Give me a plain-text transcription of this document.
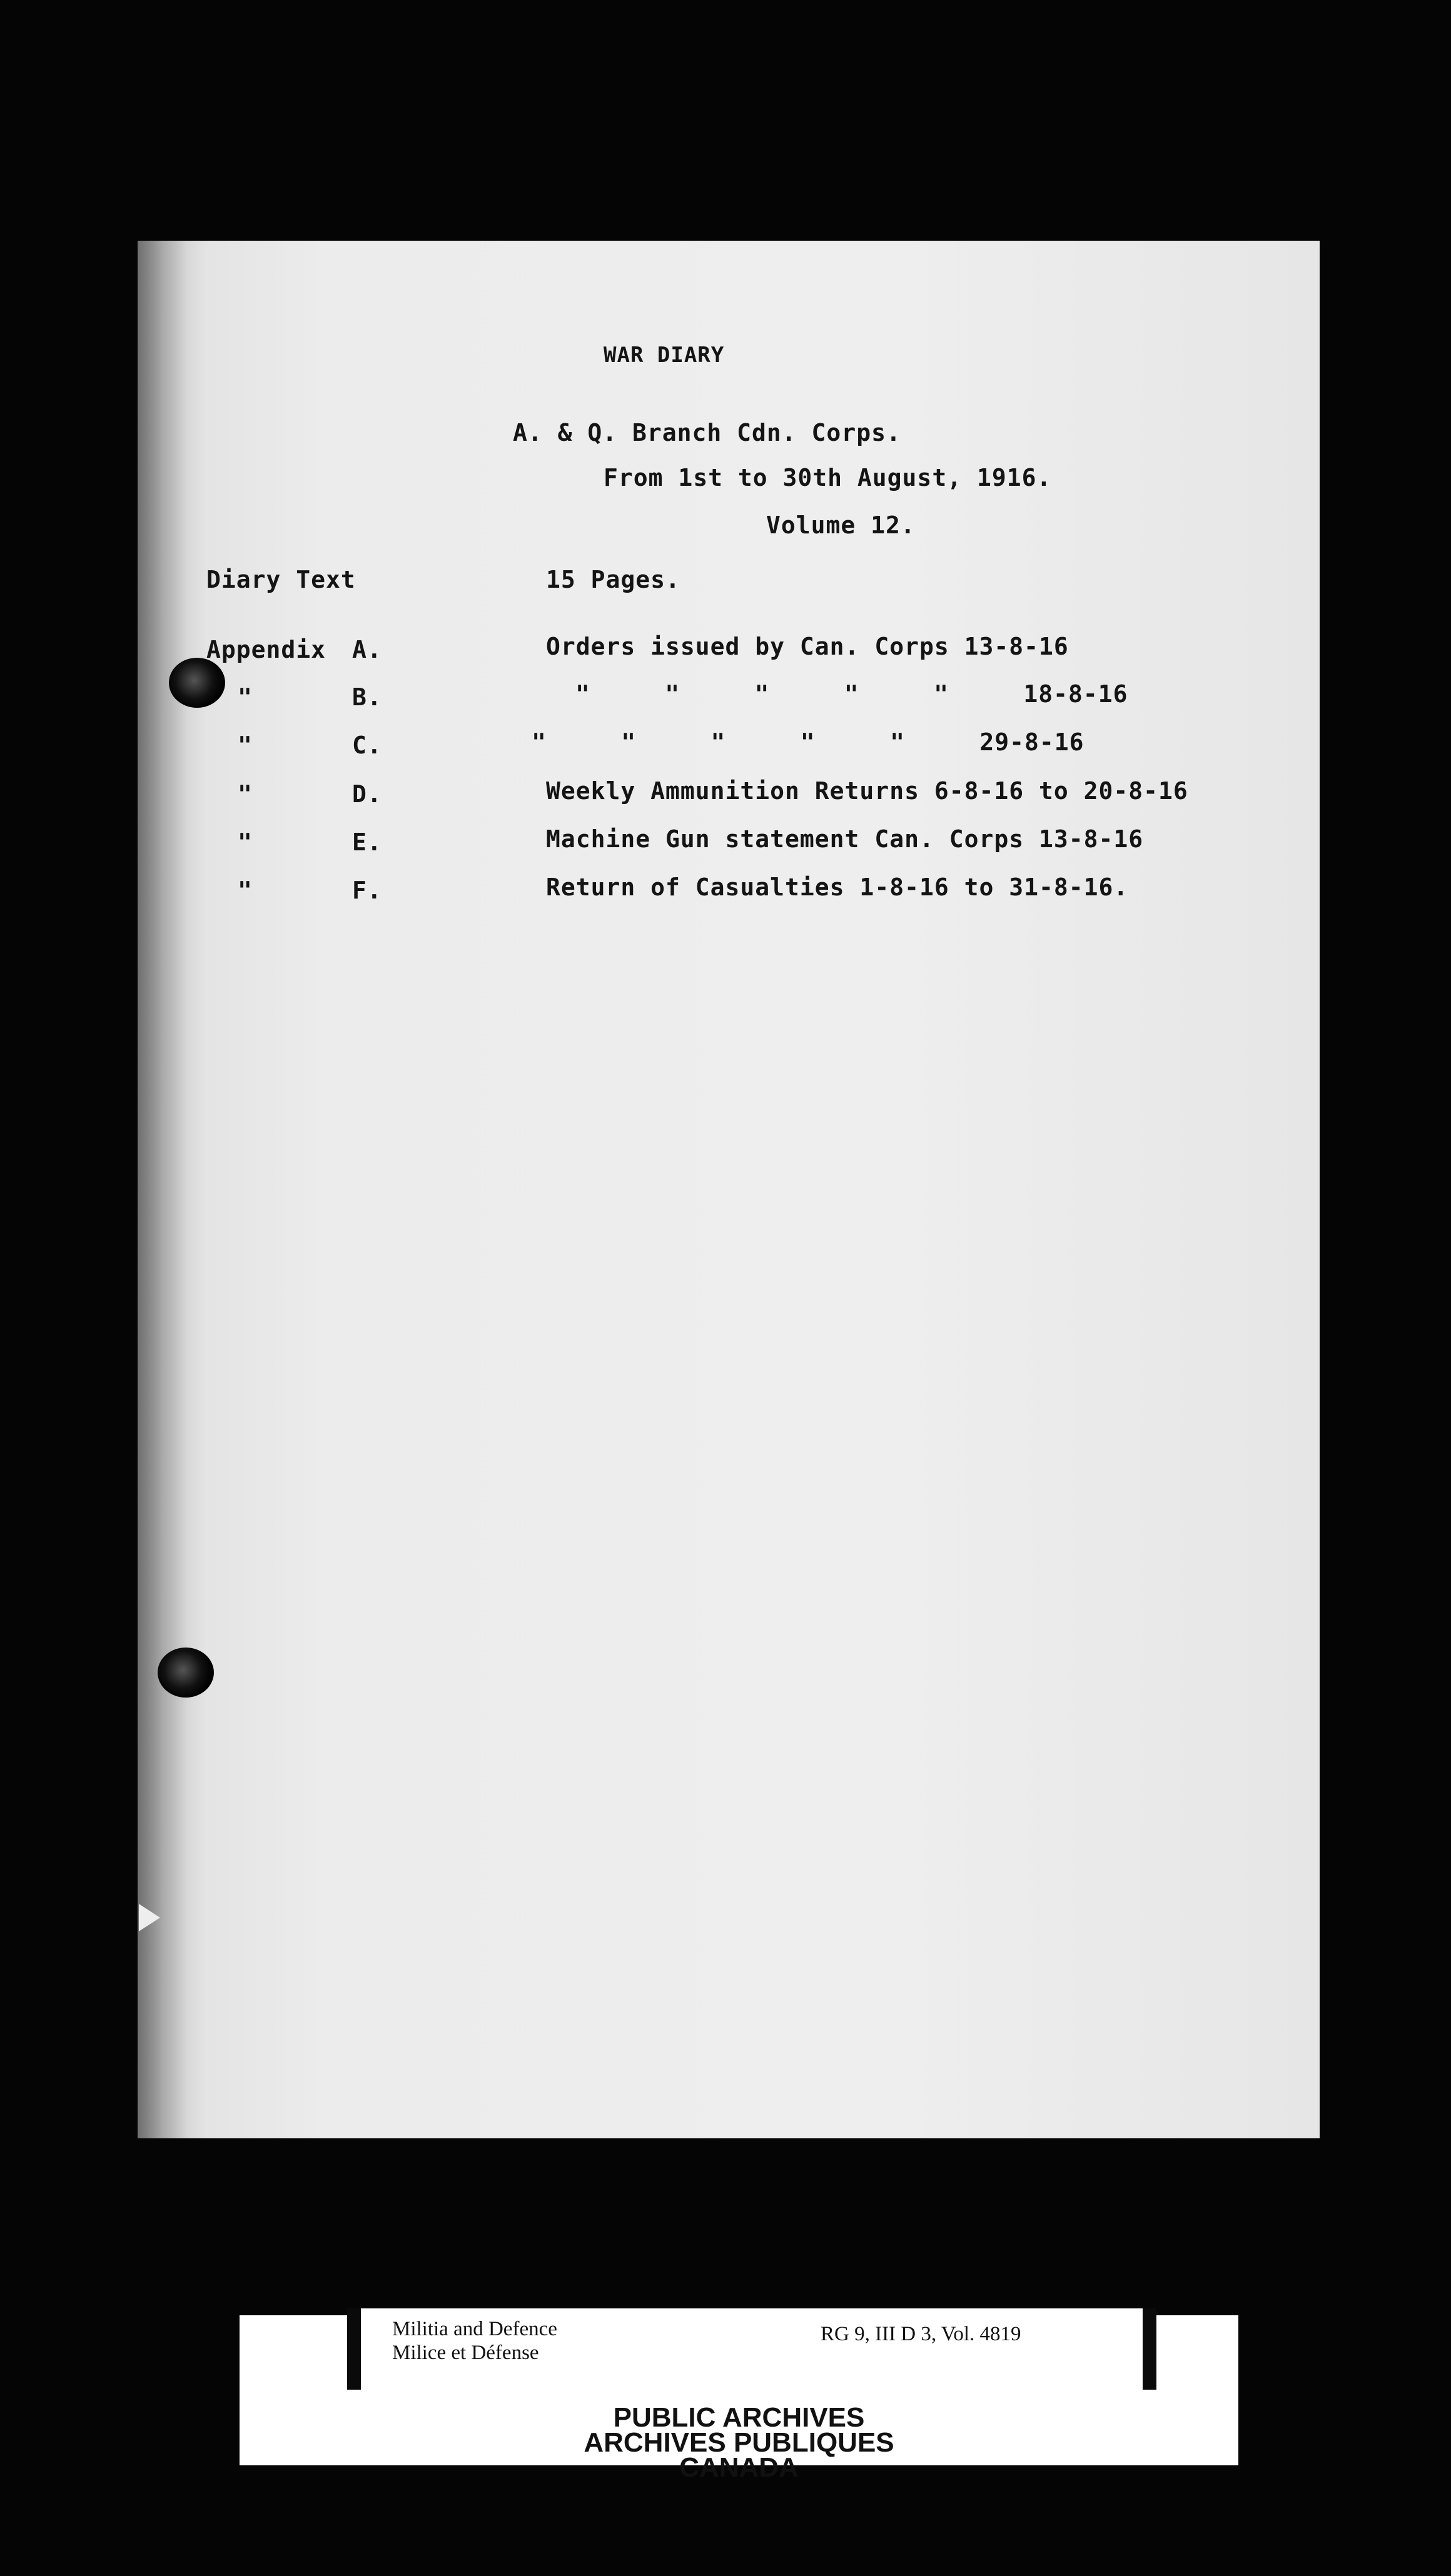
WAR DIARY
A. & Q. Branch Cdn. Corps.
From 1st to 30th August, 1916.
Volume 12.
Diary Text	15 Pages.
Appendix A.	Orders issued by Can. Corps 13-8-16
"	B.	"     "     "     "     "     18-8-16
"	C.	"     "     "     "     "     29-8-16
"	D.	Weekly Ammunition Returns 6-8-16 to 20-8-16
"	E.	Machine Gun statement Can. Corps 13-8-16
"	F.	Return of Casualties 1-8-16 to 31-8-16.
Militia and Defence
Milice et Défense
RG 9, III D 3, Vol. 4819
PUBLIC ARCHIVES
ARCHIVES PUBLIQUES
CANADA
